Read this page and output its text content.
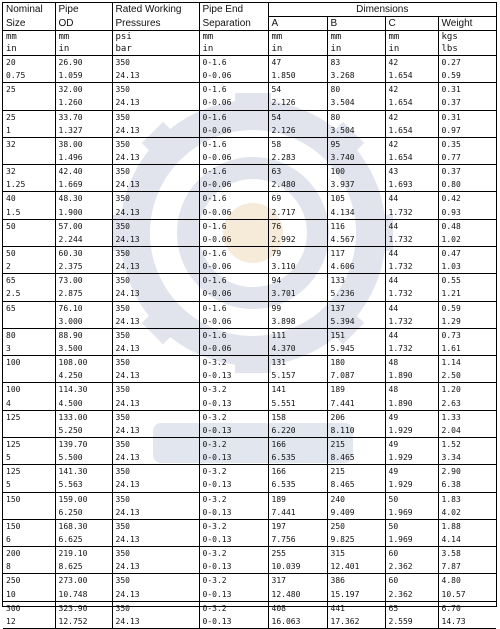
Nominal	Pipe	Rated Working	Pipe End	Dimensions			
Size	OD	Pressures	Separation	A	B	C	Weight
mm	mm	psi	mm	mm	mm	mm	kgs
in	in	bar	in	in	in	in	lbs
20	26.90	350	0-1.6	47	83	42	0.27
0.75	1.059	24.13	0-0.06	1.850	3.268	1.654	0.59
25	32.00	350	0-1.6	54	80	42	0.31
	1.260	24.13	0-0.06	2.126	3.504	1.654	0.37
25	33.70	350	0-1.6	54	80	42	0.31
1	1.327	24.13	0-0.06	2.126	3.504	1.654	0.97
32	38.00	350	0-1.6	58	95	42	0.35
	1.496	24.13	0-0.06	2.283	3.740	1.654	0.77
32	42.40	350	0-1.6	63	100	43	0.37
1.25	1.669	24.13	0-0.06	2.480	3.937	1.693	0.80
40	48.30	350	0-1.6	69	105	44	0.42
1.5	1.900	24.13	0-0.06	2.717	4.134	1.732	0.93
50	57.00	350	0-1.6	76	116	44	0.48
	2.244	24.13	0-0.06	2.992	4.567	1.732	1.02
50	60.30	350	0-1.6	79	117	44	0.47
2	2.375	24.13	0-0.06	3.110	4.606	1.732	1.03
65	73.00	350	0-1.6	94	133	44	0.55
2.5	2.875	24.13	0-0.06	3.701	5.236	1.732	1.21
65	76.10	350	0-1.6	99	137	44	0.59
	3.000	24.13	0-0.06	3.898	5.394	1.732	1.29
80	88.90	350	0-1.6	111	151	44	0.73
3	3.500	24.13	0-0.06	4.370	5.945	1.732	1.61
100	108.00	350	0-3.2	131	180	48	1.14
	4.250	24.13	0-0.13	5.157	7.087	1.890	2.50
100	114.30	350	0-3.2	141	189	48	1.20
4	4.500	24.13	0-0.13	5.551	7.441	1.890	2.63
125	133.00	350	0-3.2	158	206	49	1.33
	5.250	24.13	0-0.13	6.220	8.110	1.929	2.04
125	139.70	350	0-3.2	166	215	49	1.52
5	5.500	24.13	0-0.13	6.535	8.465	1.929	3.34
125	141.30	350	0-3.2	166	215	49	2.90
5	5.563	24.13	0-0.13	6.535	8.465	1.929	6.38
150	159.00	350	0-3.2	189	240	50	1.83
	6.250	24.13	0-0.13	7.441	9.409	1.969	4.02
150	168.30	350	0-3.2	197	250	50	1.88
6	6.625	24.13	0-0.13	7.756	9.825	1.969	4.14
200	219.10	350	0-3.2	255	315	60	3.58
8	8.625	24.13	0-0.13	10.039	12.401	2.362	7.87
250	273.00	350	0-3.2	317	386	60	4.80
10	10.748	24.13	0-0.13	12.480	15.197	2.362	10.57
300	323.90	350	0-3.2	408	441	65	6.70
12	12.752	24.13	0-0.13	16.063	17.362	2.559	14.73
